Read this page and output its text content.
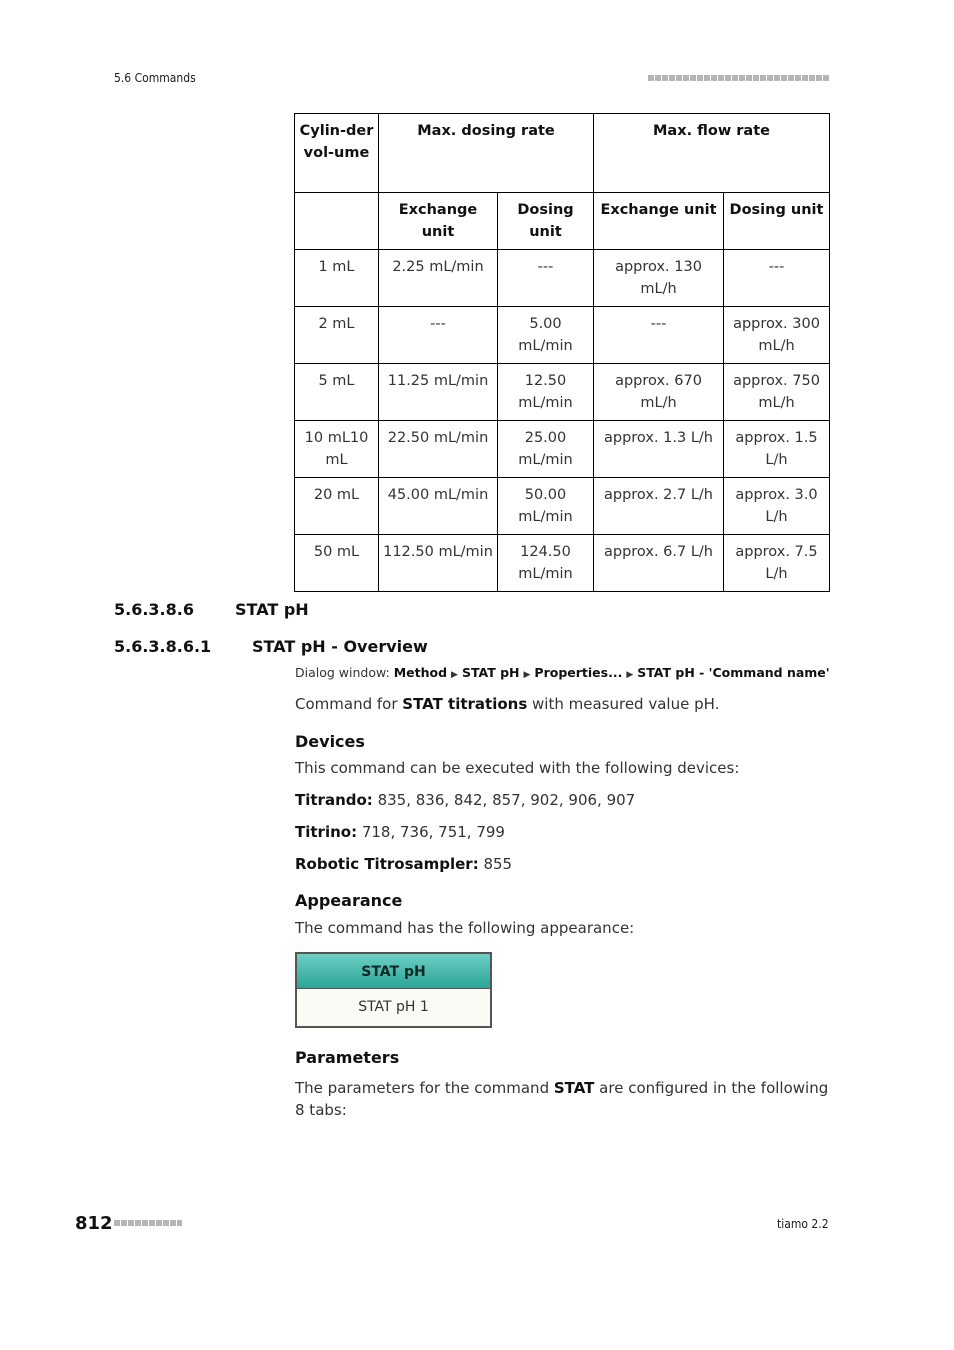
5.6 Commands
Cylin-der vol-ume	Max. dosing rate		Max. flow rate	
	Exchange unit	Dosing unit	Exchange unit	Dosing unit
1 mL	2.25 mL/min	---	approx. 130 mL/h	---
2 mL	---	5.00 mL/min	---	approx. 300 mL/h
5 mL	11.25 mL/min	12.50 mL/min	approx. 670 mL/h	approx. 750 mL/h
10 mL10 mL	22.50 mL/min	25.00 mL/min	approx. 1.3 L/h	approx. 1.5 L/h
20 mL	45.00 mL/min	50.00 mL/min	approx. 2.7 L/h	approx. 3.0 L/h
50 mL	112.50 mL/min	124.50 mL/min	approx. 6.7 L/h	approx. 7.5 L/h
5.6.3.8.6	STAT pH
5.6.3.8.6.1	STAT pH - Overview
Dialog window: Method ▶ STAT pH ▶ Properties... ▶ STAT pH - 'Command name'
Command for STAT titrations with measured value pH.
Devices
This command can be executed with the following devices:
Titrando: 835, 836, 842, 857, 902, 906, 907
Titrino: 718, 736, 751, 799
Robotic Titrosampler: 855
Appearance
The command has the following appearance:
STAT pH
STAT pH 1
Parameters
The parameters for the command STAT are configured in the following 8 tabs:
812	tiamo 2.2
